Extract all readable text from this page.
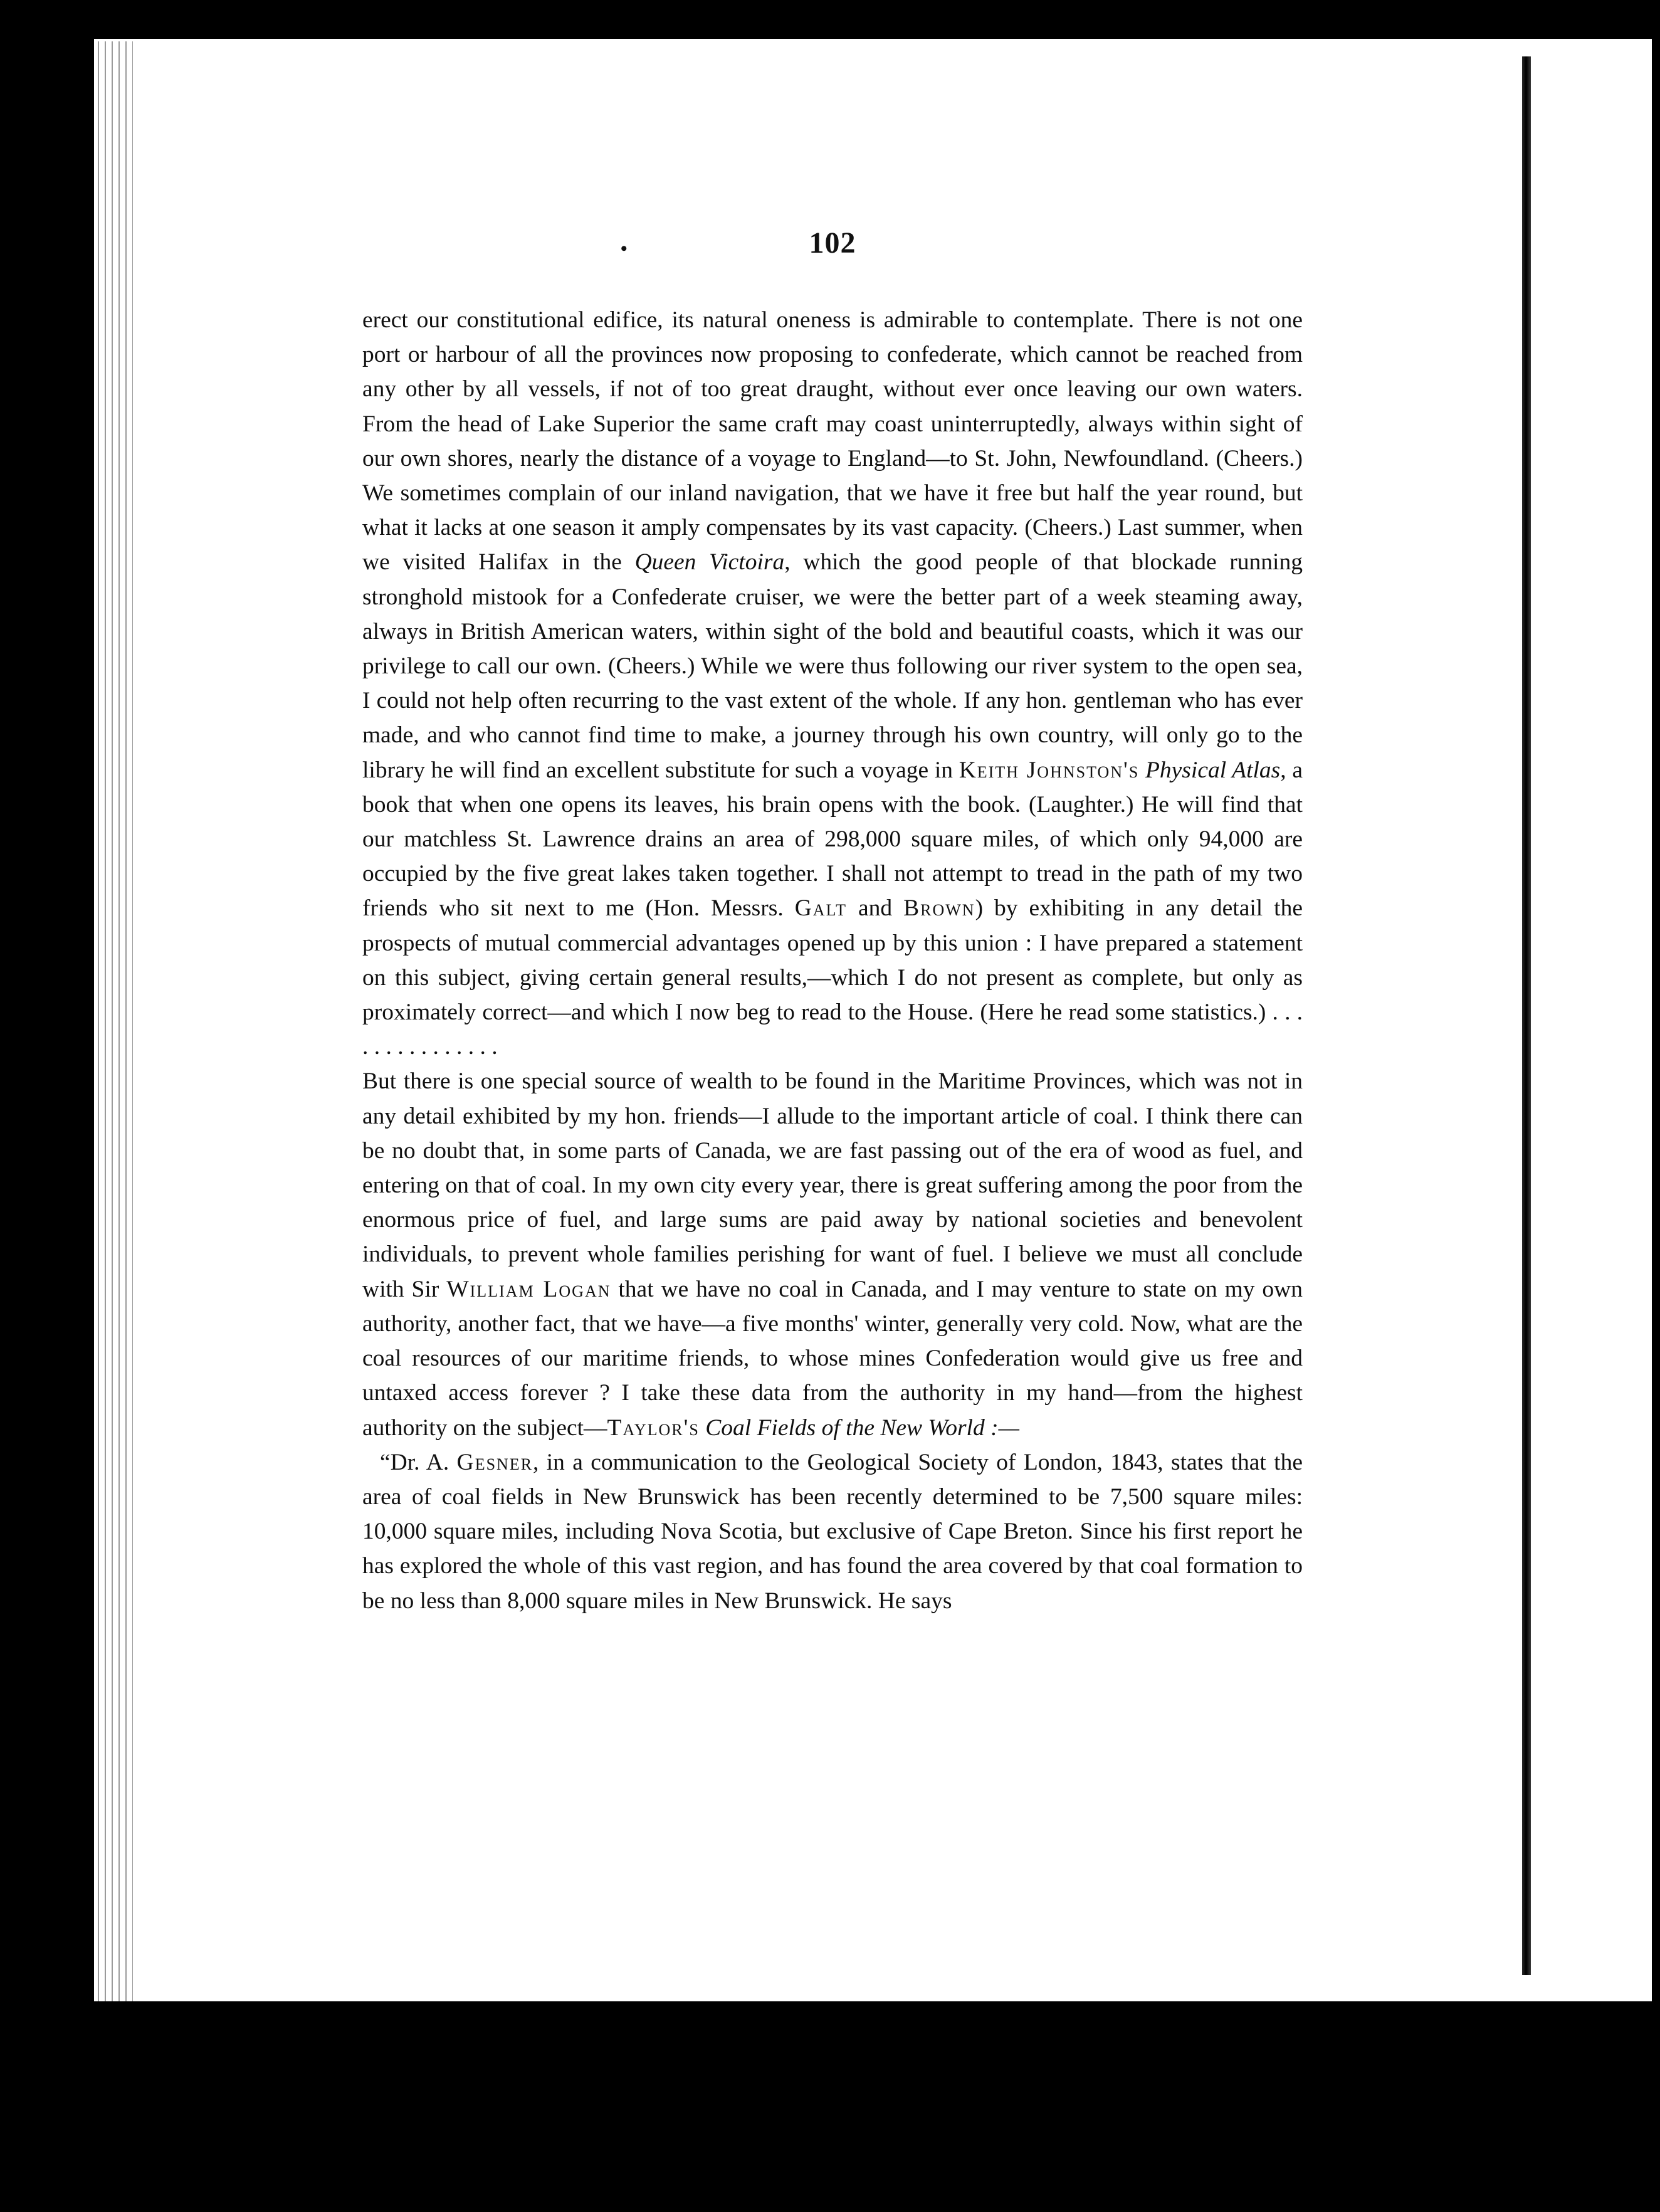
•	102

erect our constitutional edifice, its natural oneness is admirable to contemplate. There is not one port or harbour of all the provinces now proposing to confederate, which cannot be reached from any other by all vessels, if not of too great draught, without ever once leaving our own waters. From the head of Lake Superior the same craft may coast uninterruptedly, always within sight of our own shores, nearly the distance of a voyage to England—to St. John, Newfoundland. (Cheers.) We sometimes complain of our inland navigation, that we have it free but half the year round, but what it lacks at one season it amply compensates by its vast capacity. (Cheers.) Last summer, when we visited Halifax in the Queen Victoira, which the good people of that blockade running stronghold mistook for a Confederate cruiser, we were the better part of a week steaming away, always in British American waters, within sight of the bold and beautiful coasts, which it was our privilege to call our own. (Cheers.) While we were thus following our river system to the open sea, I could not help often recurring to the vast extent of the whole. If any hon. gentleman who has ever made, and who cannot find time to make, a journey through his own country, will only go to the library he will find an excellent substitute for such a voyage in Keith Johnston's Physical Atlas, a book that when one opens its leaves, his brain opens with the book. (Laughter.) He will find that our matchless St. Lawrence drains an area of 298,000 square miles, of which only 94,000 are occupied by the five great lakes taken together. I shall not attempt to tread in the path of my two friends who sit next to me (Hon. Messrs. Galt and Brown) by exhibiting in any detail the prospects of mutual commercial advantages opened up by this union : I have prepared a statement on this subject, giving certain general results,—which I do not present as complete, but only as proximately correct—and which I now beg to read to the House. (Here he read some statistics.) . . . . . . . . . . . . . . .

But there is one special source of wealth to be found in the Maritime Provinces, which was not in any detail exhibited by my hon. friends—I allude to the important article of coal. I think there can be no doubt that, in some parts of Canada, we are fast passing out of the era of wood as fuel, and entering on that of coal. In my own city every year, there is great suffering among the poor from the enormous price of fuel, and large sums are paid away by national societies and benevolent individuals, to prevent whole families perishing for want of fuel. I believe we must all conclude with Sir William Logan that we have no coal in Canada, and I may venture to state on my own authority, another fact, that we have—a five months' winter, generally very cold. Now, what are the coal resources of our maritime friends, to whose mines Confederation would give us free and untaxed access forever ? I take these data from the authority in my hand—from the highest authority on the subject—Taylor's Coal Fields of the New World :—

“Dr. A. Gesner, in a communication to the Geological Society of London, 1843, states that the area of coal fields in New Brunswick has been recently determined to be 7,500 square miles: 10,000 square miles, including Nova Scotia, but exclusive of Cape Breton. Since his first report he has explored the whole of this vast region, and has found the area covered by that coal formation to be no less than 8,000 square miles in New Brunswick. He says
